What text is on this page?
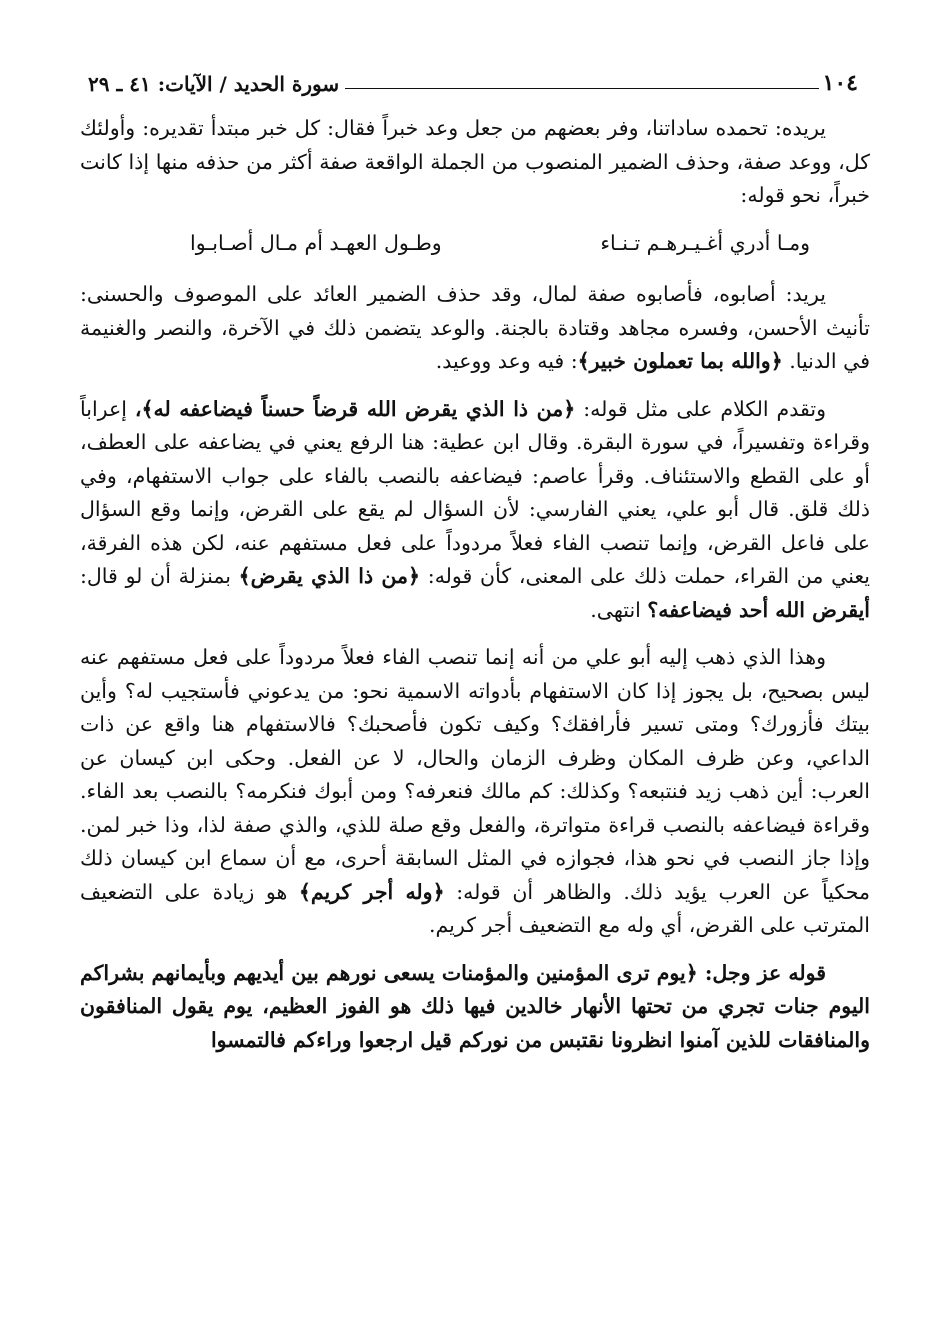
١٠٤
سورة الحديد / الآيات: ٤١ ـ ٢٩

يريده: تحمده ساداتنا، وفر بعضهم من جعل وعد خبراً فقال: كل خبر مبتدأ تقديره: وأولئك كل، ووعد صفة، وحذف الضمير المنصوب من الجملة الواقعة صفة أكثر من حذفه منها إذا كانت خبراً، نحو قوله:

ومـا أدري أغـيـرهـم تـنـاء
وطـول العهـد أم مـال أصـابـوا

يريد: أصابوه، فأصابوه صفة لمال، وقد حذف الضمير العائد على الموصوف والحسنى: تأنيث الأحسن، وفسره مجاهد وقتادة بالجنة. والوعد يتضمن ذلك في الآخرة، والنصر والغنيمة في الدنيا. ﴿والله بما تعملون خبير﴾: فيه وعد ووعيد.

وتقدم الكلام على مثل قوله: ﴿من ذا الذي يقرض الله قرضاً حسناً فيضاعفه له﴾، إعراباً وقراءة وتفسيراً، في سورة البقرة. وقال ابن عطية: هنا الرفع يعني في يضاعفه على العطف، أو على القطع والاستئناف. وقرأ عاصم: فيضاعفه بالنصب بالفاء على جواب الاستفهام، وفي ذلك قلق. قال أبو علي، يعني الفارسي: لأن السؤال لم يقع على القرض، وإنما وقع السؤال على فاعل القرض، وإنما تنصب الفاء فعلاً مردوداً على فعل مستفهم عنه، لكن هذه الفرقة، يعني من القراء، حملت ذلك على المعنى، كأن قوله: ﴿من ذا الذي يقرض﴾ بمنزلة أن لو قال: أيقرض الله أحد فيضاعفه؟ انتهى.

وهذا الذي ذهب إليه أبو علي من أنه إنما تنصب الفاء فعلاً مردوداً على فعل مستفهم عنه ليس بصحيح، بل يجوز إذا كان الاستفهام بأدواته الاسمية نحو: من يدعوني فأستجيب له؟ وأين بيتك فأزورك؟ ومتى تسير فأرافقك؟ وكيف تكون فأصحبك؟ فالاستفهام هنا واقع عن ذات الداعي، وعن ظرف المكان وظرف الزمان والحال، لا عن الفعل. وحكى ابن كيسان عن العرب: أين ذهب زيد فنتبعه؟ وكذلك: كم مالك فنعرفه؟ ومن أبوك فنكرمه؟ بالنصب بعد الفاء. وقراءة فيضاعفه بالنصب قراءة متواترة، والفعل وقع صلة للذي، والذي صفة لذا، وذا خبر لمن. وإذا جاز النصب في نحو هذا، فجوازه في المثل السابقة أحرى، مع أن سماع ابن كيسان ذلك محكياً عن العرب يؤيد ذلك. والظاهر أن قوله: ﴿وله أجر كريم﴾ هو زيادة على التضعيف المترتب على القرض، أي وله مع التضعيف أجر كريم.

قوله عز وجل: ﴿يوم ترى المؤمنين والمؤمنات يسعى نورهم بين أيديهم وبأيمانهم بشراكم اليوم جنات تجري من تحتها الأنهار خالدين فيها ذلك هو الفوز العظيم، يوم يقول المنافقون والمنافقات للذين آمنوا انظرونا نقتبس من نوركم قيل ارجعوا وراءكم فالتمسوا
